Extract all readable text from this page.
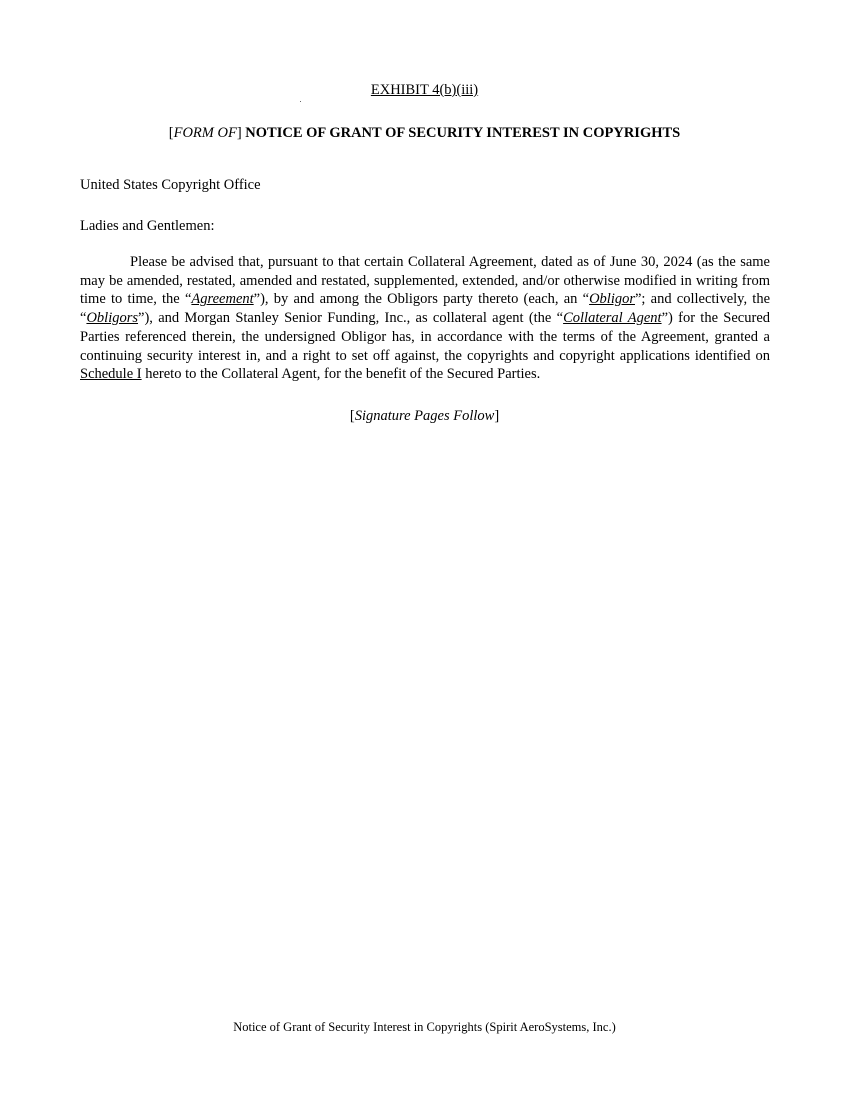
EXHIBIT 4(b)(iii)
[FORM OF] NOTICE OF GRANT OF SECURITY INTEREST IN COPYRIGHTS
United States Copyright Office
Ladies and Gentlemen:

Please be advised that, pursuant to that certain Collateral Agreement, dated as of June 30, 2024 (as the same may be amended, restated, amended and restated, supplemented, extended, and/or otherwise modified in writing from time to time, the “Agreement”), by and among the Obligors party thereto (each, an “Obligor”; and collectively, the “Obligors”), and Morgan Stanley Senior Funding, Inc., as collateral agent (the “Collateral Agent”) for the Secured Parties referenced therein, the undersigned Obligor has, in accordance with the terms of the Agreement, granted a continuing security interest in, and a right to set off against, the copyrights and copyright applications identified on Schedule I hereto to the Collateral Agent, for the benefit of the Secured Parties.

[Signature Pages Follow]
Notice of Grant of Security Interest in Copyrights (Spirit AeroSystems, Inc.)
